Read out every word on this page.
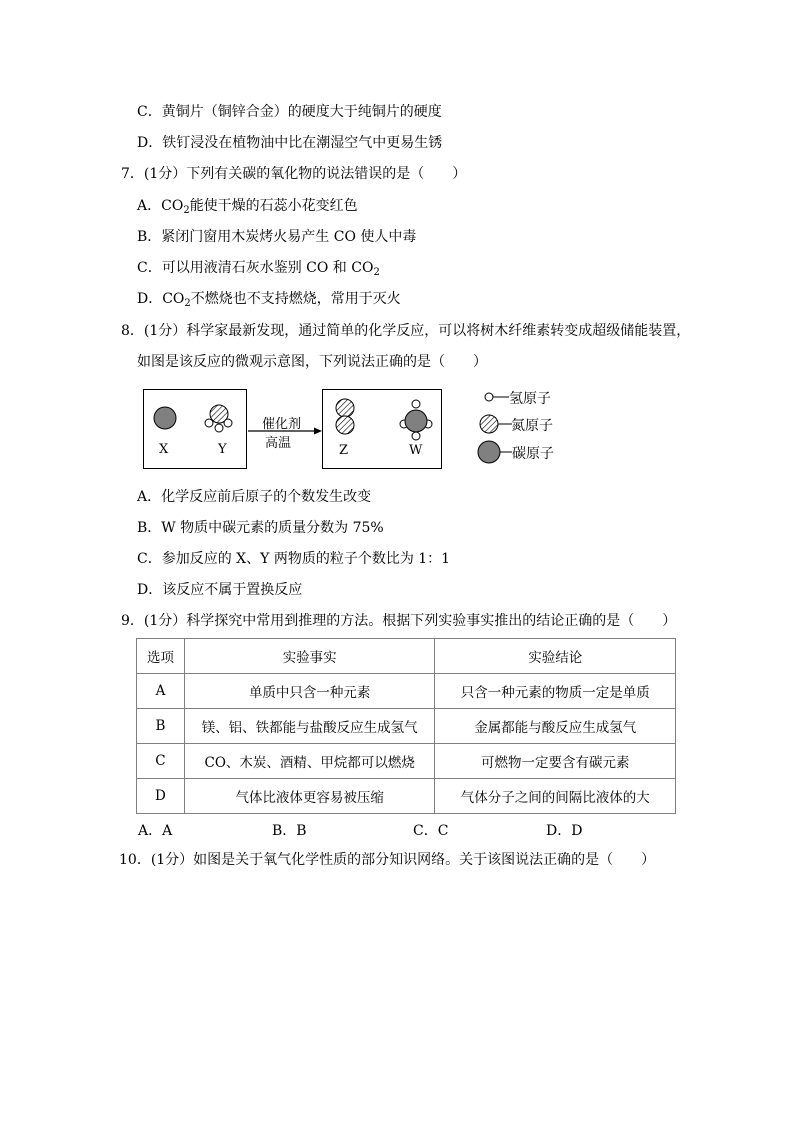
C．黄铜片（铜锌合金）的硬度大于纯铜片的硬度
D．铁钉浸没在植物油中比在潮湿空气中更易生锈
7．(1分）下列有关碳的氧化物的说法错误的是（　　）
A．$CO_2$能使干燥的石蕊小花变红色
B．紧闭门窗用木炭烤火易产生 CO 使人中毒
C．可以用液清石灰水鉴别 CO 和 $CO_2$
D．$CO_2$不燃烧也不支持燃烧，常用于灭火
8．(1分）科学家最新发现，通过简单的化学反应，可以将树木纤维素转变成超级储能装置，
如图是该反应的微观示意图，下列说法正确的是（　　）
X	Y	Z	W
催化剂
高温
氢原子
氮原子
碳原子
A．化学反应前后原子的个数发生改变
B．W 物质中碳元素的质量分数为 75%
C．参加反应的 X、Y 两物质的粒子个数比为 1：1
D．该反应不属于置换反应
9．(1分）科学探究中常用到推理的方法。根据下列实验事实推出的结论正确的是（　　）
选项	实验事实	实验结论
A	单质中只含一种元素	只含一种元素的物质一定是单质
B	镁、铝、铁都能与盐酸反应生成氢气	金属都能与酸反应生成氢气
C	CO、木炭、酒精、甲烷都可以燃烧	可燃物一定要含有碳元素
D	气体比液体更容易被压缩	气体分子之间的间隔比液体的大
A．A	B．B	C．C	D．D
10．(1分）如图是关于氧气化学性质的部分知识网络。关于该图说法正确的是（　　）
